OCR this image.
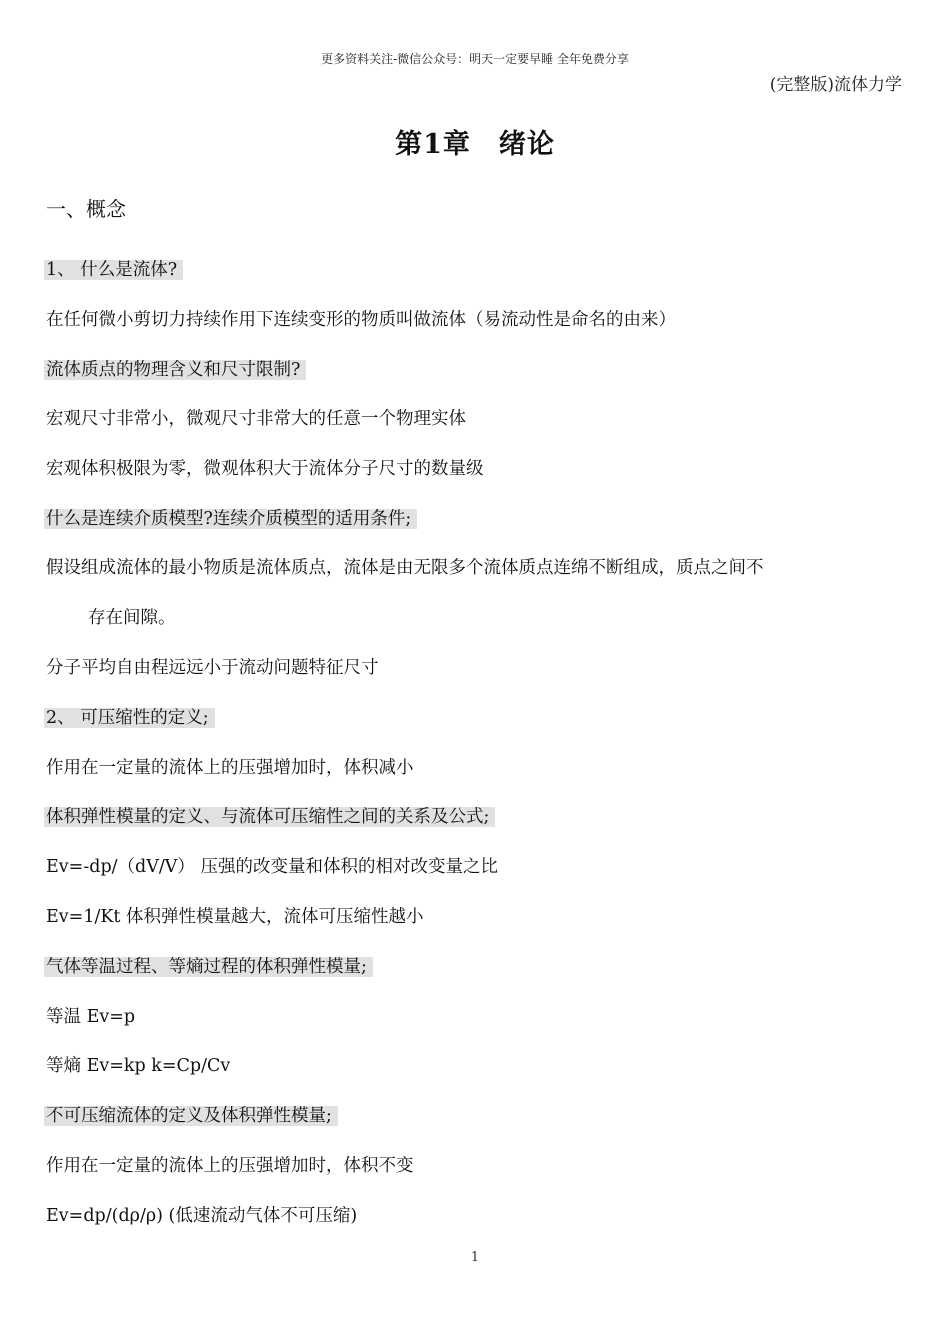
更多资料关注-微信公众号：明天一定要早睡 全年免费分享
(完整版)流体力学
第1章　绪论
一、概念
1、 什么是流体?
在任何微小剪切力持续作用下连续变形的物质叫做流体（易流动性是命名的由来）
流体质点的物理含义和尺寸限制?
宏观尺寸非常小，微观尺寸非常大的任意一个物理实体
宏观体积极限为零，微观体积大于流体分子尺寸的数量级
什么是连续介质模型?连续介质模型的适用条件;
假设组成流体的最小物质是流体质点，流体是由无限多个流体质点连绵不断组成，质点之间不
存在间隙。
分子平均自由程远远小于流动问题特征尺寸
2、 可压缩性的定义;
作用在一定量的流体上的压强增加时，体积减小
体积弹性模量的定义、与流体可压缩性之间的关系及公式;
Ev=-dp/（dV/V） 压强的改变量和体积的相对改变量之比
Ev=1/Kt 体积弹性模量越大，流体可压缩性越小
气体等温过程、等熵过程的体积弹性模量;
等温 Ev=p
等熵 Ev=kp k=Cp/Cv
不可压缩流体的定义及体积弹性模量;
作用在一定量的流体上的压强增加时，体积不变
Ev=dp/(dρ/ρ) (低速流动气体不可压缩)
1
